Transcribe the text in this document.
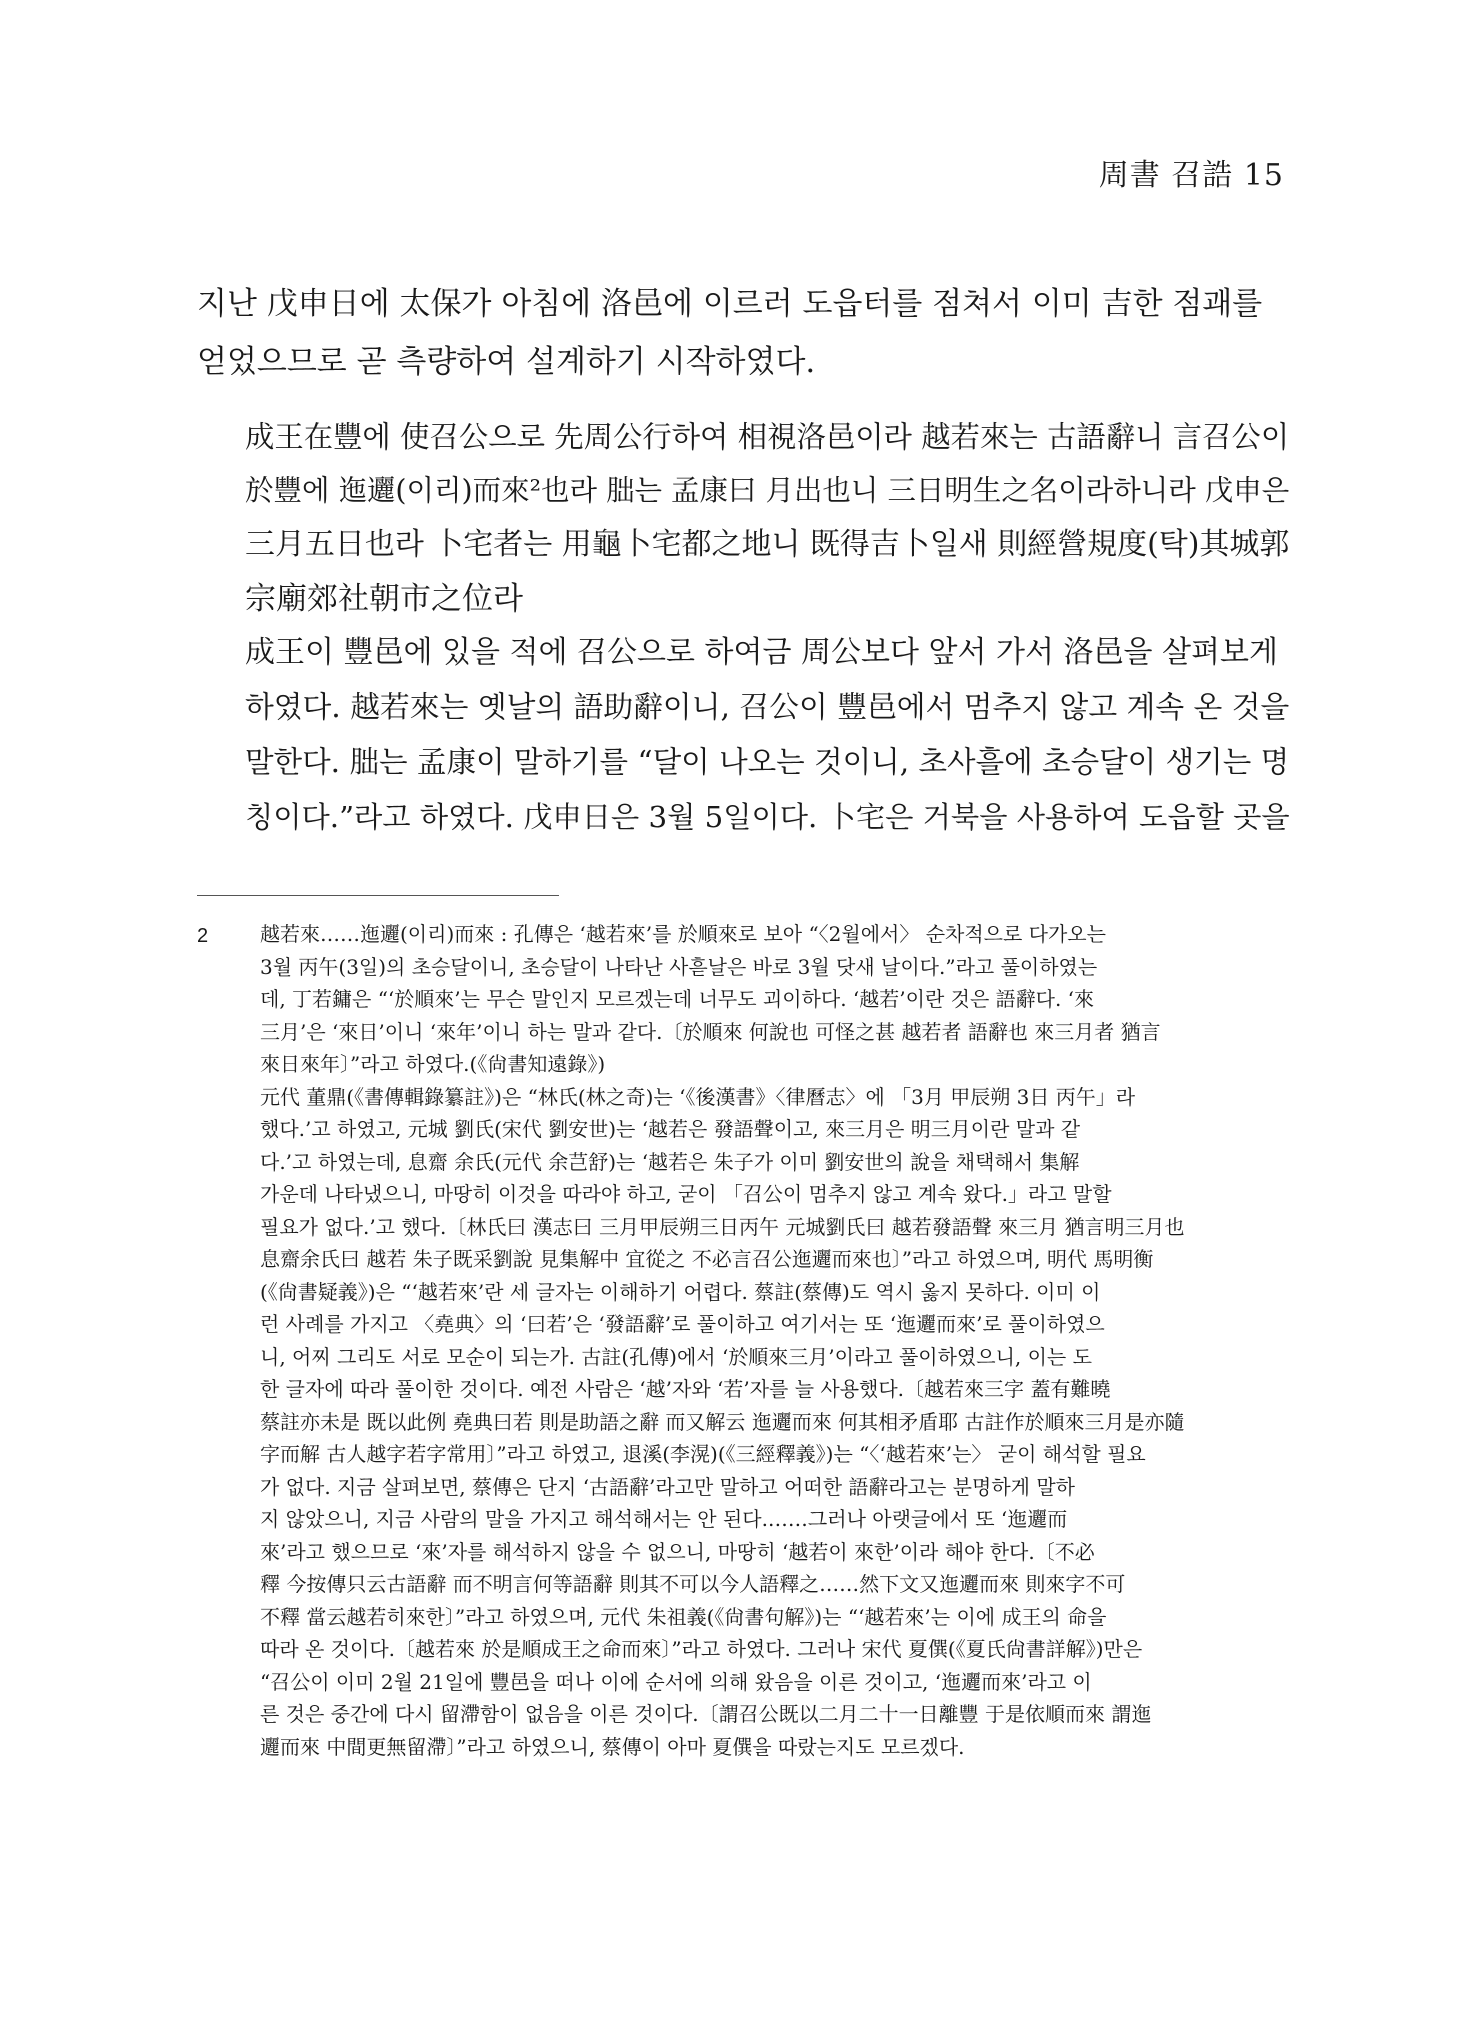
周書 召誥 15
지난 戊申日에 太保가 아침에 洛邑에 이르러 도읍터를 점쳐서 이미 吉한 점괘를
얻었으므로 곧 측량하여 설계하기 시작하였다.
成王在豐에 使召公으로 先周公行하여 相視洛邑이라 越若來는 古語辭니 言召公이
於豐에 迤邐(이리)而來²也라 朏는 孟康曰 月出也니 三日明生之名이라하니라 戊申은
三月五日也라 卜宅者는 用龜卜宅都之地니 既得吉卜일새 則經營規度(탁)其城郭
宗廟郊社朝市之位라
成王이 豐邑에 있을 적에 召公으로 하여금 周公보다 앞서 가서 洛邑을 살펴보게
하였다. 越若來는 옛날의 語助辭이니, 召公이 豐邑에서 멈추지 않고 계속 온 것을
말한다. 朏는 孟康이 말하기를 “달이 나오는 것이니, 초사흘에 초승달이 생기는 명
칭이다.”라고 하였다. 戊申日은 3월 5일이다. 卜宅은 거북을 사용하여 도읍할 곳을
2	越若來……迤邐(이리)而來 : 孔傳은 ‘越若來’를 於順來로 보아 “〈2월에서〉 순차적으로 다가오는
3월 丙午(3일)의 초승달이니, 초승달이 나타난 사흗날은 바로 3월 닷새 날이다.”라고 풀이하였는
데, 丁若鏞은 “‘於順來’는 무슨 말인지 모르겠는데 너무도 괴이하다. ‘越若’이란 것은 語辭다. ‘來
三月’은 ‘來日’이니 ‘來年’이니 하는 말과 같다.〔於順來 何說也 可怪之甚 越若者 語辭也 來三月者 猶言
來日來年〕”라고 하였다.(《尙書知遠錄》)
元代 董鼎(《書傳輯錄纂註》)은 “林氏(林之奇)는 ‘《後漢書》〈律曆志〉에 「3月 甲辰朔 3日 丙午」라
했다.’고 하였고, 元城 劉氏(宋代 劉安世)는 ‘越若은 發語聲이고, 來三月은 明三月이란 말과 같
다.’고 하였는데, 息齋 余氏(元代 余芑舒)는 ‘越若은 朱子가 이미 劉安世의 說을 채택해서 集解
가운데 나타냈으니, 마땅히 이것을 따라야 하고, 굳이 「召公이 멈추지 않고 계속 왔다.」라고 말할
필요가 없다.’고 했다.〔林氏曰 漢志曰 三月甲辰朔三日丙午 元城劉氏曰 越若發語聲 來三月 猶言明三月也
息齋余氏曰 越若 朱子既采劉說 見集解中 宜從之 不必言召公迤邐而來也〕”라고 하였으며, 明代 馬明衡
(《尙書疑義》)은 “‘越若來’란 세 글자는 이해하기 어렵다. 蔡註(蔡傳)도 역시 옳지 못하다. 이미 이
런 사례를 가지고 〈堯典〉의 ‘曰若’은 ‘發語辭’로 풀이하고 여기서는 또 ‘迤邐而來’로 풀이하였으
니, 어찌 그리도 서로 모순이 되는가. 古註(孔傳)에서 ‘於順來三月’이라고 풀이하였으니, 이는 도
한 글자에 따라 풀이한 것이다. 예전 사람은 ‘越’자와 ‘若’자를 늘 사용했다.〔越若來三字 蓋有難曉
蔡註亦未是 既以此例 堯典曰若 則是助語之辭 而又解云 迤邐而來 何其相矛盾耶 古註作於順來三月是亦隨
字而解 古人越字若字常用〕”라고 하였고, 退溪(李滉)(《三經釋義》)는 “〈‘越若來’는〉 굳이 해석할 필요
가 없다. 지금 살펴보면, 蔡傳은 단지 ‘古語辭’라고만 말하고 어떠한 語辭라고는 분명하게 말하
지 않았으니, 지금 사람의 말을 가지고 해석해서는 안 된다.……그러나 아랫글에서 또 ‘迤邐而
來’라고 했으므로 ‘來’자를 해석하지 않을 수 없으니, 마땅히 ‘越若이 來한’이라 해야 한다.〔不必
釋 今按傳只云古語辭 而不明言何等語辭 則其不可以今人語釋之……然下文又迤邐而來 則來字不可
不釋 當云越若히來한〕”라고 하였으며, 元代 朱祖義(《尙書句解》)는 “‘越若來’는 이에 成王의 命을
따라 온 것이다.〔越若來 於是順成王之命而來〕”라고 하였다. 그러나 宋代 夏僎(《夏氏尙書詳解》)만은
“召公이 이미 2월 21일에 豐邑을 떠나 이에 순서에 의해 왔음을 이른 것이고, ‘迤邐而來’라고 이
른 것은 중간에 다시 留滯함이 없음을 이른 것이다.〔謂召公既以二月二十一日離豐 于是依順而來 謂迤
邐而來 中間更無留滯〕”라고 하였으니, 蔡傳이 아마 夏僎을 따랐는지도 모르겠다.
